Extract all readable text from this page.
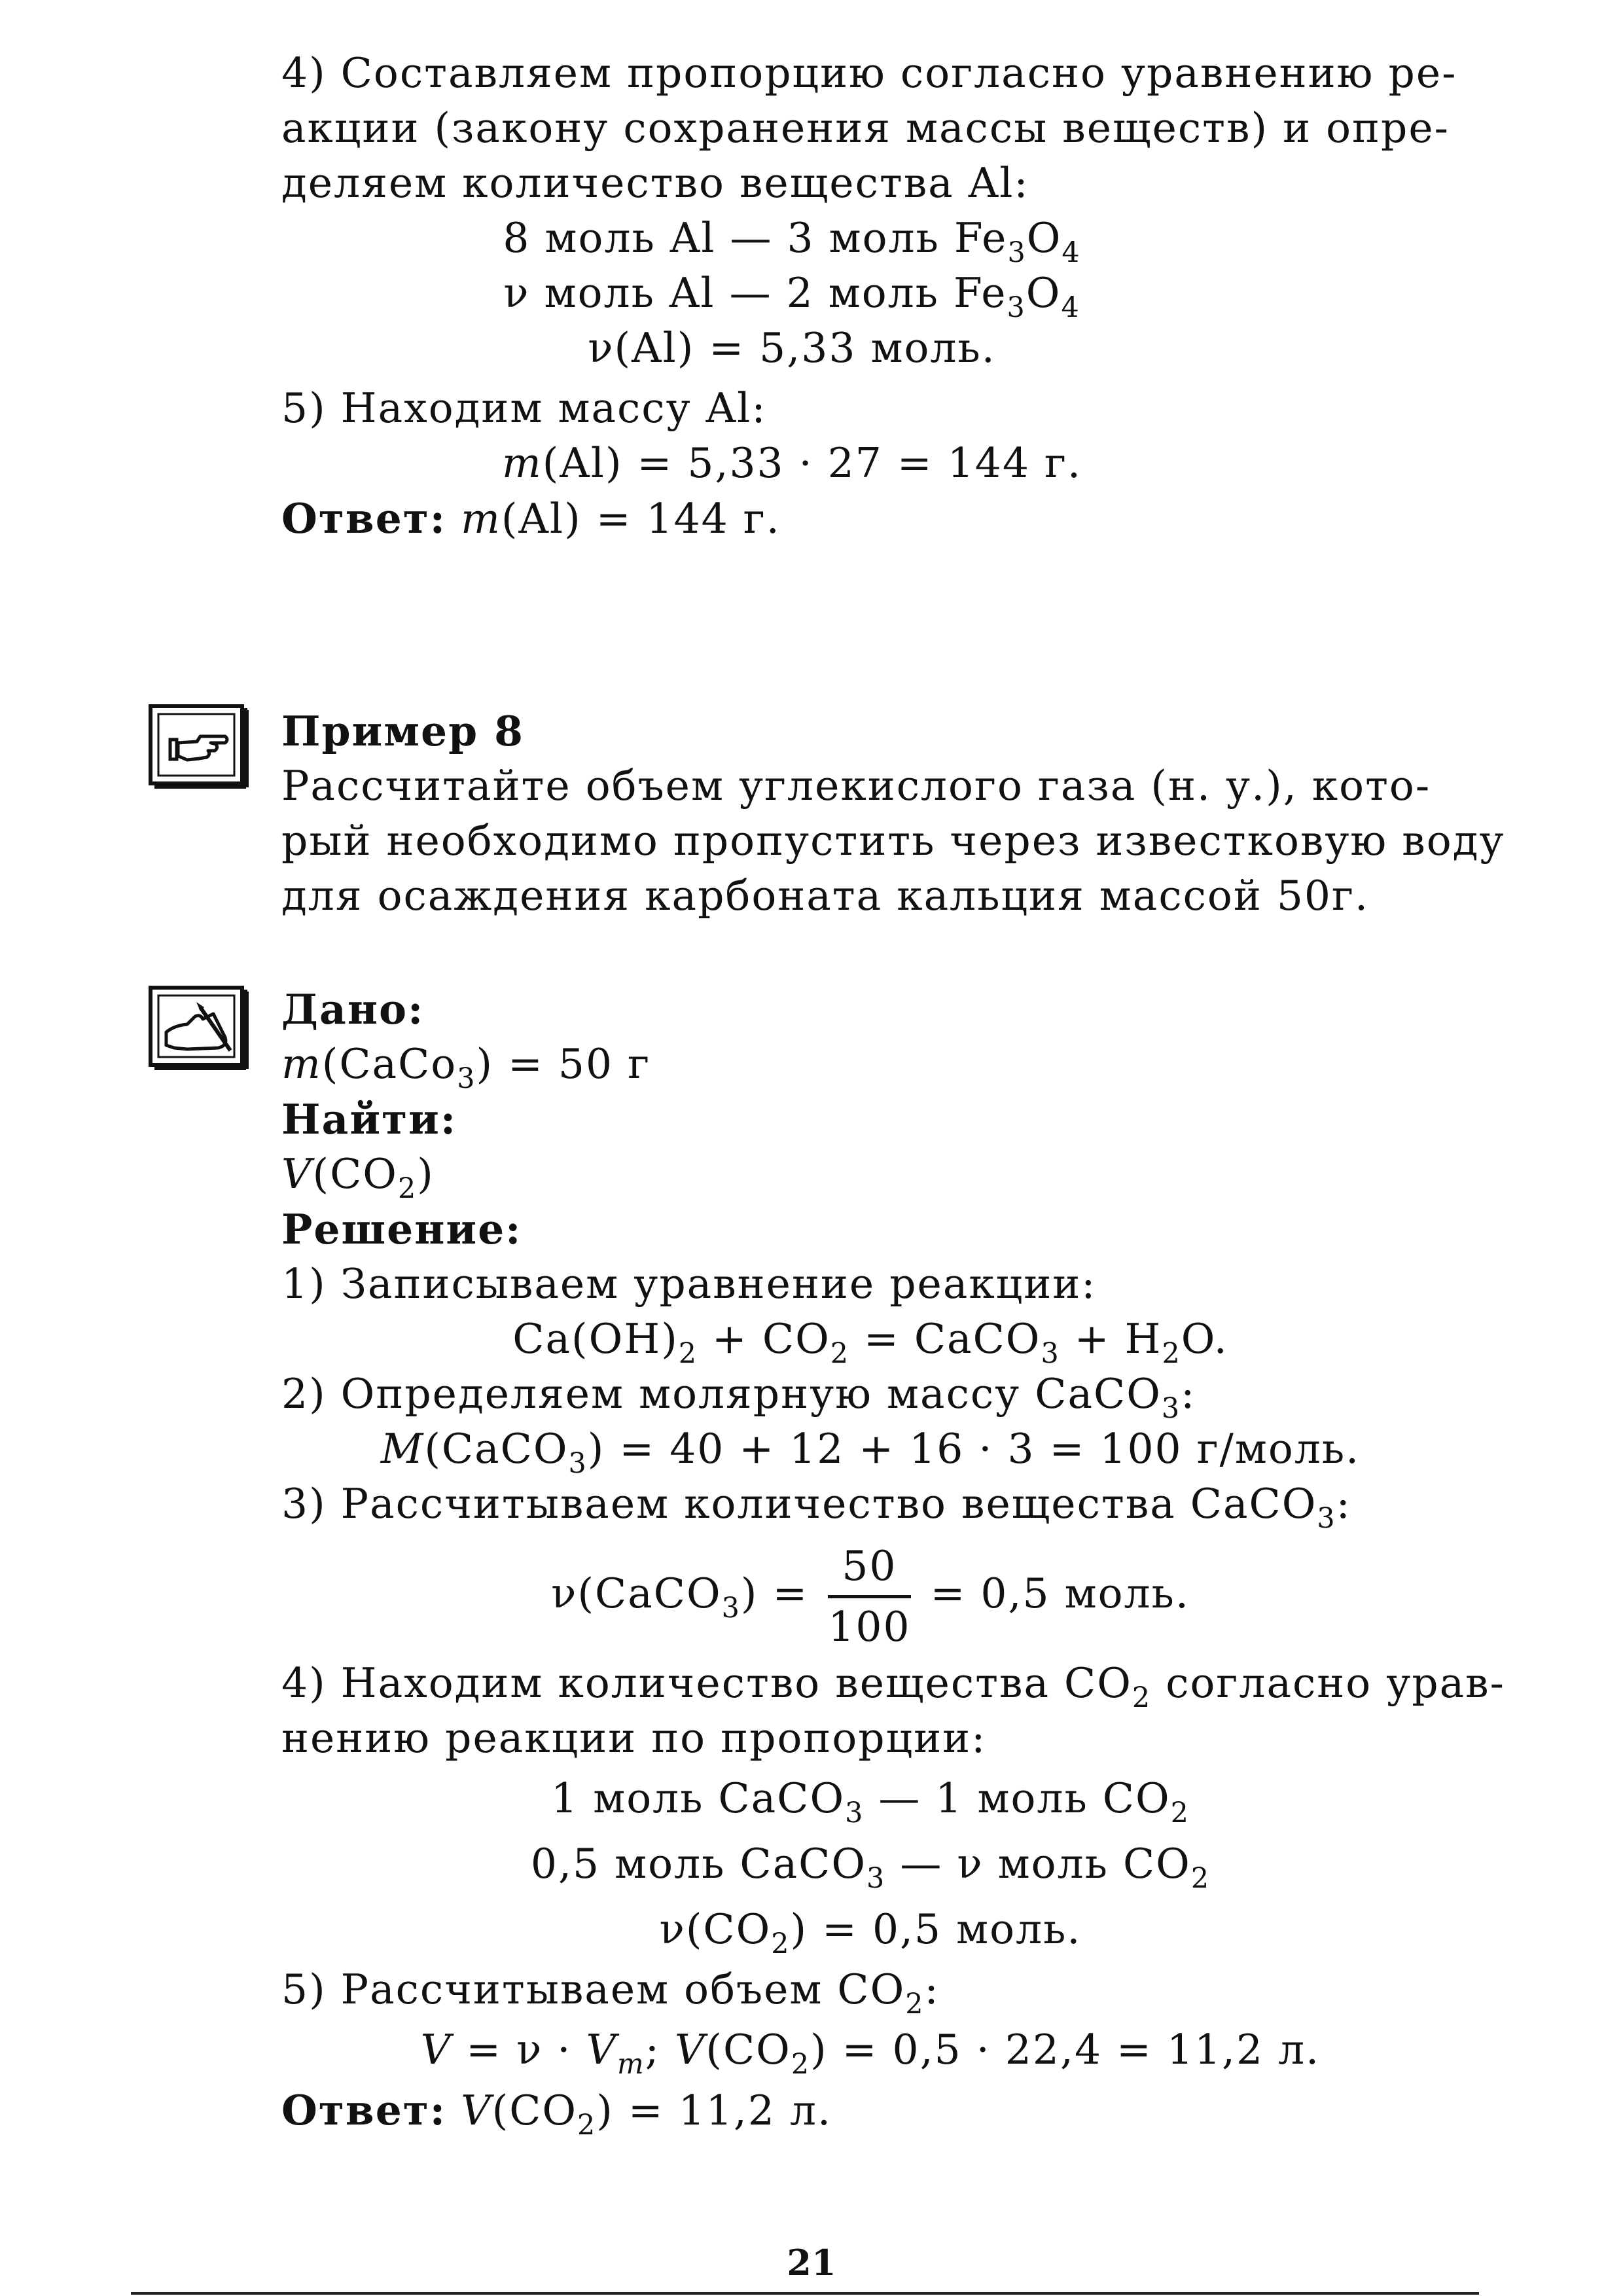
4) Составляем пропорцию согласно уравнению ре-
акции (закону сохранения массы веществ) и опре-
деляем количество вещества Al:
8 моль Al — 3 моль $Fe_3O_4$
ν моль Al — 2 моль $Fe_3O_4$
ν(Al) = 5,33 моль.
5) Находим массу Al:
m(Al) = 5,33 · 27 = 144 г.
Ответ: m(Al) = 144 г.
Пример 8
Рассчитайте объем углекислого газа (н. у.), кото-
рый необходимо пропустить через известковую воду
для осаждения карбоната кальция массой 50г.
Дано:
m(CaCo$_3$) = 50 г
Найти:
$V(CO_2)$
Решение:
1) Записываем уравнение реакции:
$Ca(OH)_2 + CO_2$ = CaCO$_3$ + $H_2O$.
2) Определяем молярную массу CaCO$_3$:
M(CaCO$_3$) = 40 + 12 + 16 · 3 = 100 г/моль.
3) Рассчитываем количество вещества CaCO$_3$:
ν(CaCO$_3$) = $\frac{50}{100} = 0,5$ моль.
4) Находим количество вещества $CO_2$ согласно урав-
нению реакции по пропорции:
1 моль CaCO$_3$ — 1 моль $CO_2$
0,5 моль CaCO$_3$ — ν моль $CO_2$
$\nu(CO_2) = 0,5$ моль.
5) Рассчитываем объем $CO_2$:
$V = \nu \cdot V_m$; $V(CO_2) = 0,5 \cdot 22,4 = 11,2$ л.
Ответ: $V(CO_2) = 11,2$ л.
21
